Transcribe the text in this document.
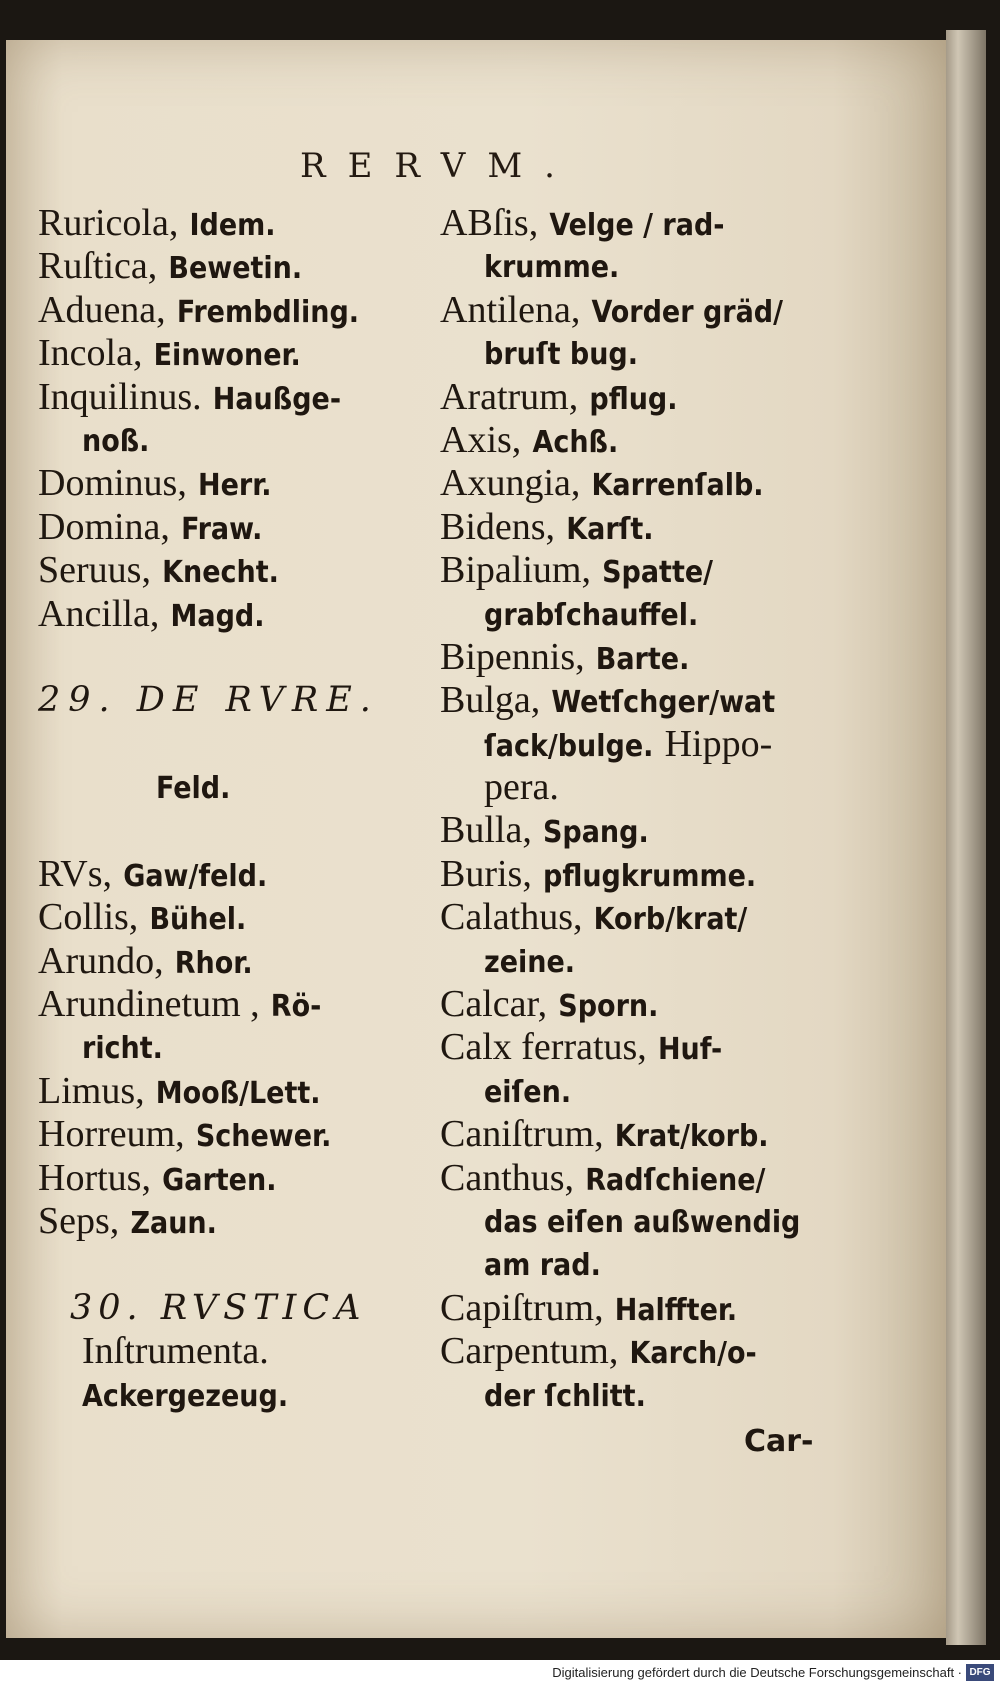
RERVM.
Ruricola, Idem.
Ruſtica, Bewetin.
Aduena, Frembdling.
Incola, Einwoner.
Inquilinus. Haußge-
noß.
Dominus, Herr.
Domina, Fraw.
Seruus, Knecht.
Ancilla, Magd.
29. DE RVRE.
Feld.
RVs, Gaw/feld.
Collis, Bühel.
Arundo, Rhor.
Arundinetum , Rö-
richt.
Limus, Mooß/Lett.
Horreum, Schewer.
Hortus, Garten.
Seps, Zaun.
30. RVSTICA
Inſtrumenta.
Ackergezeug.
ABſis, Velge / rad-
krumme.
Antilena, Vorder gräd/
bruſt bug.
Aratrum, pflug.
Axis, Achß.
Axungia, Karrenſalb.
Bidens, Karſt.
Bipalium, Spatte/
grabſchauffel.
Bipennis, Barte.
Bulga, Wetſchger/wat
ſack/bulge. Hippo-
pera.
Bulla, Spang.
Buris, pflugkrumme.
Calathus, Korb/krat/
zeine.
Calcar, Sporn.
Calx ferratus, Huf-
eiſen.
Caniſtrum, Krat/korb.
Canthus, Radſchiene/
das eiſen außwendig
am rad.
Capiſtrum, Halffter.
Carpentum, Karch/o-
der ſchlitt.
Car-
Digitalisierung gefördert durch die Deutsche Forschungsgemeinschaft · DFG
